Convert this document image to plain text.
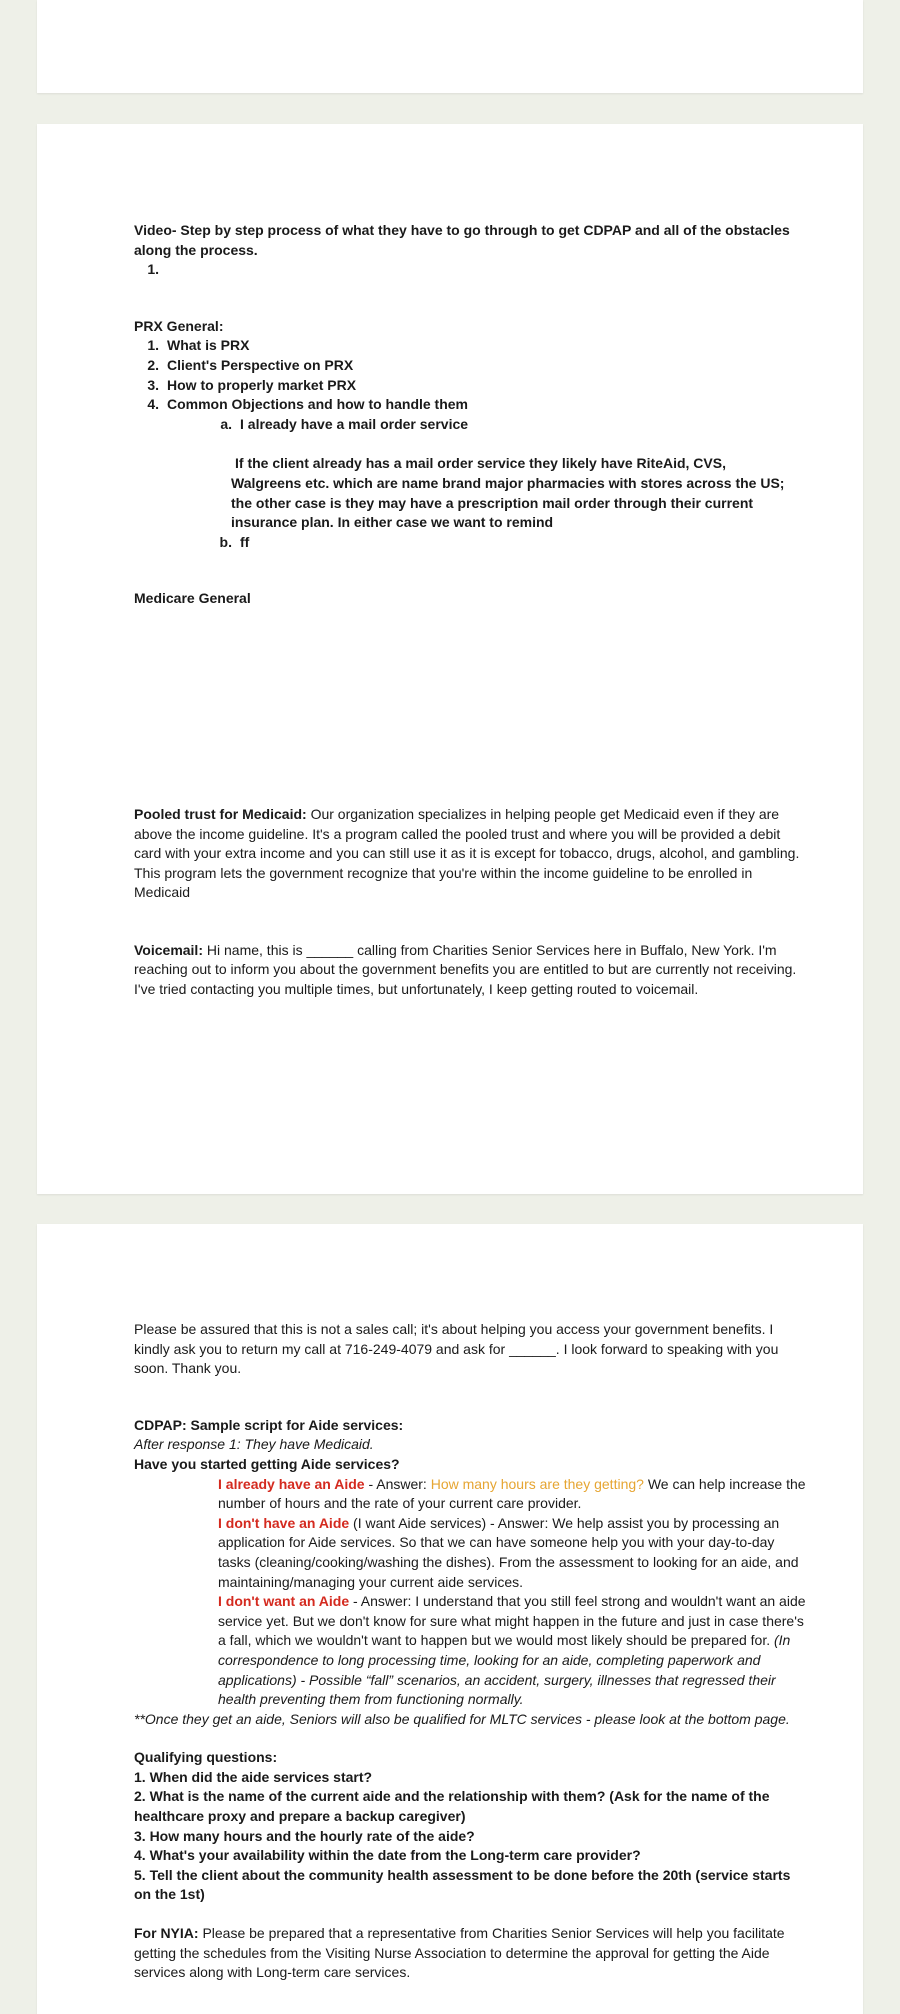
Video- Step by step process of what they have to go through to get CDPAP and all of the obstacles along the process.

1.

PRX General:

1. What is PRX
2. Client's Perspective on PRX
3. How to properly market PRX
4. Common Objections and how to handle them
a. I already have a mail order service

If the client already has a mail order service they likely have RiteAid, CVS, Walgreens etc. which are name brand major pharmacies with stores across the US; the other case is they may have a prescription mail order through their current insurance plan. In either case we want to remind

b. ff

Medicare General

Pooled trust for Medicaid: Our organization specializes in helping people get Medicaid even if they are above the income guideline. It's a program called the pooled trust and where you will be provided a debit card with your extra income and you can still use it as it is except for tobacco, drugs, alcohol, and gambling. This program lets the government recognize that you're within the income guideline to be enrolled in Medicaid

Voicemail: Hi name, this is ______ calling from Charities Senior Services here in Buffalo, New York. I'm reaching out to inform you about the government benefits you are entitled to but are currently not receiving. I've tried contacting you multiple times, but unfortunately, I keep getting routed to voicemail.

Please be assured that this is not a sales call; it's about helping you access your government benefits. I kindly ask you to return my call at 716-249-4079 and ask for ______. I look forward to speaking with you soon. Thank you.

CDPAP: Sample script for Aide services:

After response 1: They have Medicaid.

Have you started getting Aide services?

I already have an Aide - Answer: How many hours are they getting? We can help increase the number of hours and the rate of your current care provider.

I don't have an Aide (I want Aide services) - Answer: We help assist you by processing an application for Aide services. So that we can have someone help you with your day-to-day tasks (cleaning/cooking/washing the dishes). From the assessment to looking for an aide, and maintaining/managing your current aide services.

I don't want an Aide - Answer: I understand that you still feel strong and wouldn't want an aide service yet. But we don't know for sure what might happen in the future and just in case there's a fall, which we wouldn't want to happen but we would most likely should be prepared for. (In correspondence to long processing time, looking for an aide, completing paperwork and applications) - Possible “fall” scenarios, an accident, surgery, illnesses that regressed their health preventing them from functioning normally.

**Once they get an aide, Seniors will also be qualified for MLTC services - please look at the bottom page.

Qualifying questions:

1. When did the aide services start?

2. What is the name of the current aide and the relationship with them? (Ask for the name of the healthcare proxy and prepare a backup caregiver)

3. How many hours and the hourly rate of the aide?

4. What's your availability within the date from the Long-term care provider?

5. Tell the client about the community health assessment to be done before the 20th (service starts on the 1st)

For NYIA: Please be prepared that a representative from Charities Senior Services will help you facilitate getting the schedules from the Visiting Nurse Association to determine the approval for getting the Aide services along with Long-term care services.
